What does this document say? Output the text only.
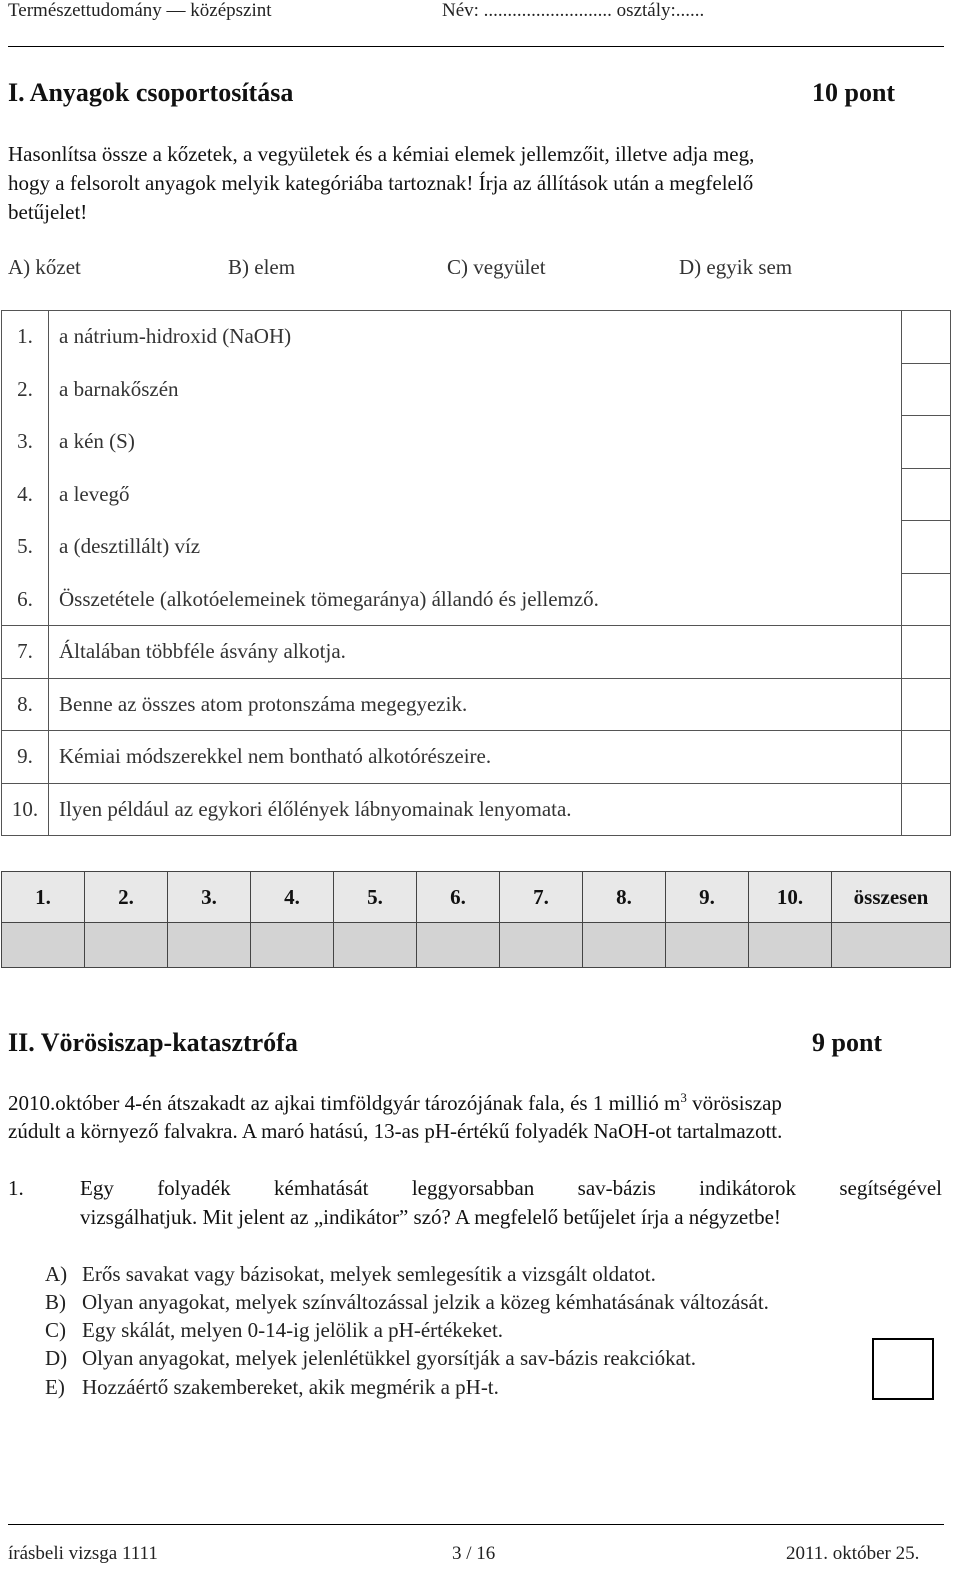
Természettudomány — középszint	Név: ........................... osztály:......
I. Anyagok csoportosítása	10 pont
Hasonlítsa össze a kőzetek, a vegyületek és a kémiai elemek jellemzőit, illetve adja meg,
hogy a felsorolt anyagok melyik kategóriába tartoznak! Írja az állítások után a megfelelő
betűjelet!
A) kőzet	B) elem	C) vegyület	D) egyik sem
1.	a nátrium-hidroxid (NaOH)	
2.	a barnakőszén	
3.	a kén (S)	
4.	a levegő	
5.	a (desztillált) víz	
6.	Összetétele (alkotóelemeinek tömegaránya) állandó és jellemző.	
7.	Általában többféle ásvány alkotja.	
8.	Benne az összes atom protonszáma megegyezik.	
9.	Kémiai módszerekkel nem bontható alkotórészeire.	
10.	Ilyen például az egykori élőlények lábnyomainak lenyomata.	
1.	2.	3.	4.	5.	6.	7.	8.	9.	10.	összesen

II. Vörösiszap-katasztrófa	9 pont
2010.október 4-én átszakadt az ajkai timföldgyár tározójának fala, és 1 millió $m^3$ vörösiszap
zúdult a környező falvakra. A maró hatású, 13-as pH-értékű folyadék NaOH-ot tartalmazott.
1.	Egy folyadék kémhatását leggyorsabban sav-bázis indikátorok segítségével
vizsgálhatjuk. Mit jelent az „indikátor” szó? A megfelelő betűjelet írja a négyzetbe!
A) Erős savakat vagy bázisokat, melyek semlegesítik a vizsgált oldatot.
B) Olyan anyagokat, melyek színváltozással jelzik a közeg kémhatásának változását.
C) Egy skálát, melyen 0-14-ig jelölik a pH-értékeket.
D) Olyan anyagokat, melyek jelenlétükkel gyorsítják a sav-bázis reakciókat.
E) Hozzáértő szakembereket, akik megmérik a pH-t.
írásbeli vizsga 1111	3 / 16	2011. október 25.
